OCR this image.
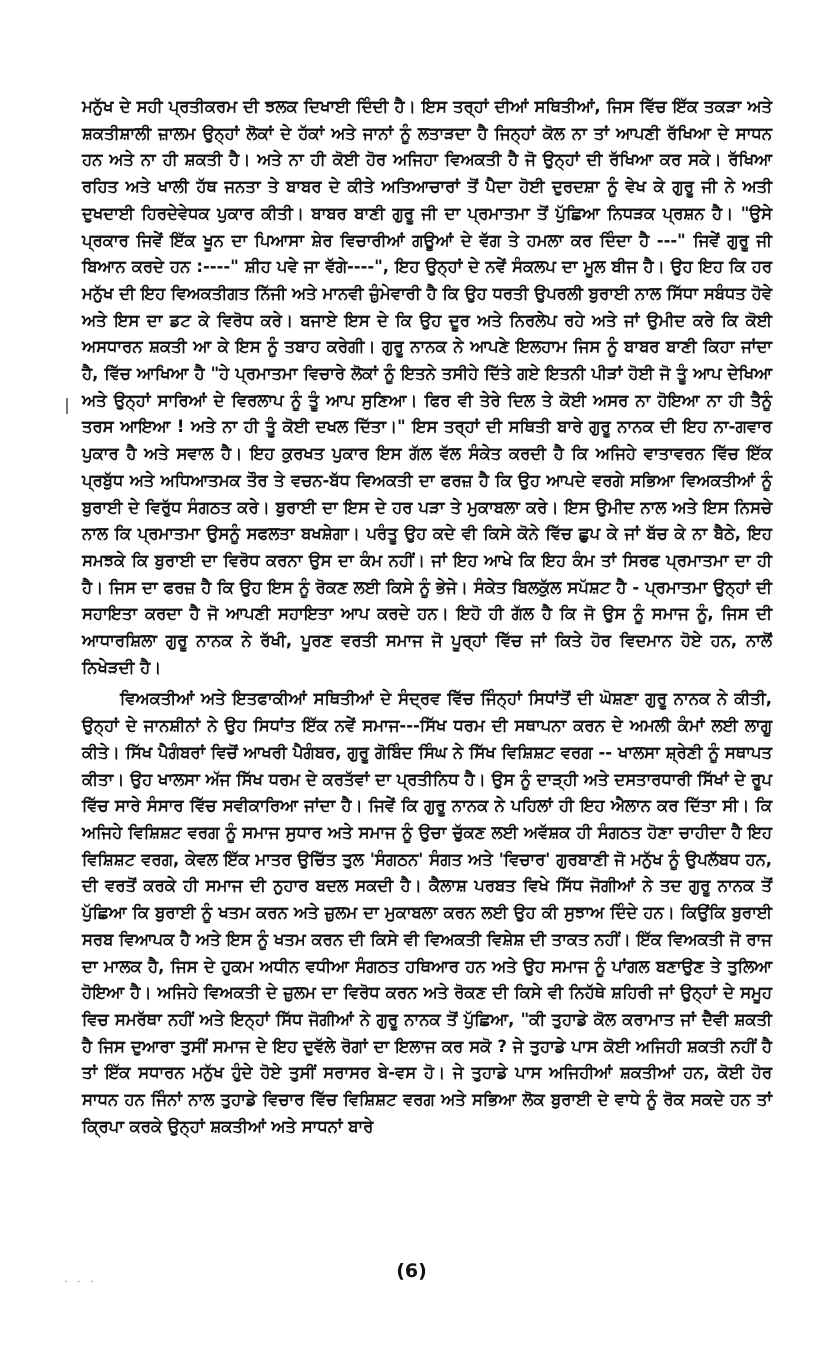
ਮਨੁੱਖ ਦੇ ਸਹੀ ਪ੍ਰਤੀਕਰਮ ਦੀ ਝਲਕ ਦਿਖਾਈ ਦਿੰਦੀ ਹੈ। ਇਸ ਤਰ੍ਹਾਂ ਦੀਆਂ ਸਥਿਤੀਆਂ, ਜਿਸ ਵਿੱਚ ਇੱਕ ਤਕੜਾ ਅਤੇ ਸ਼ਕਤੀਸ਼ਾਲੀ ਜ਼ਾਲਮ ਉਨ੍ਹਾਂ ਲੋਕਾਂ ਦੇ ਹੱਕਾਂ ਅਤੇ ਜਾਨਾਂ ਨੂੰ ਲਤਾੜਦਾ ਹੈ ਜਿਨ੍ਹਾਂ ਕੋਲ ਨਾ ਤਾਂ ਆਪਣੀ ਰੱਖਿਆ ਦੇ ਸਾਧਨ ਹਨ ਅਤੇ ਨਾ ਹੀ ਸ਼ਕਤੀ ਹੈ। ਅਤੇ ਨਾ ਹੀ ਕੋਈ ਹੋਰ ਅਜਿਹਾ ਵਿਅਕਤੀ ਹੈ ਜੋ ਉਨ੍ਹਾਂ ਦੀ ਰੱਖਿਆ ਕਰ ਸਕੇ। ਰੱਖਿਆ ਰਹਿਤ ਅਤੇ ਖਾਲੀ ਹੱਥ ਜਨਤਾ ਤੇ ਬਾਬਰ ਦੇ ਕੀਤੇ ਅਤਿਆਚਾਰਾਂ ਤੋਂ ਪੈਦਾ ਹੋਈ ਦੁਰਦਸ਼ਾ ਨੂੰ ਵੇਖ ਕੇ ਗੁਰੂ ਜੀ ਨੇ ਅਤੀ ਦੁਖਦਾਈ ਹਿਰਦੇਵੇਧਕ ਪੁਕਾਰ ਕੀਤੀ। ਬਾਬਰ ਬਾਣੀ ਗੁਰੂ ਜੀ ਦਾ ਪ੍ਰਮਾਤਮਾ ਤੋਂ ਪੁੱਛਿਆ ਨਿਧੜਕ ਪ੍ਰਸ਼ਨ ਹੈ। "ਉਸੇ ਪ੍ਰਕਾਰ ਜਿਵੇਂ ਇੱਕ ਖੂਨ ਦਾ ਪਿਆਸਾ ਸ਼ੇਰ ਵਿਚਾਰੀਆਂ ਗਊਆਂ ਦੇ ਵੱਗ ਤੇ ਹਮਲਾ ਕਰ ਦਿੰਦਾ ਹੈ ---" ਜਿਵੇਂ ਗੁਰੂ ਜੀ ਬਿਆਨ ਕਰਦੇ ਹਨ :----" ਸ਼ੀਹ ਪਵੇ ਜਾ ਵੱਗੇ----", ਇਹ ਉਨ੍ਹਾਂ ਦੇ ਨਵੇਂ ਸੰਕਲਪ ਦਾ ਮੂਲ ਬੀਜ ਹੈ। ਉਹ ਇਹ ਕਿ ਹਰ ਮਨੁੱਖ ਦੀ ਇਹ ਵਿਅਕਤੀਗਤ ਨਿੱਜੀ ਅਤੇ ਮਾਨਵੀ ਜ਼ੁੰਮੇਵਾਰੀ ਹੈ ਕਿ ਉਹ ਧਰਤੀ ਉਪਰਲੀ ਬੁਰਾਈ ਨਾਲ ਸਿੱਧਾ ਸਬੰਧਤ ਹੋਵੇ ਅਤੇ ਇਸ ਦਾ ਡਟ ਕੇ ਵਿਰੋਧ ਕਰੇ। ਬਜਾਏ ਇਸ ਦੇ ਕਿ ਉਹ ਦੂਰ ਅਤੇ ਨਿਰਲੇਪ ਰਹੇ ਅਤੇ ਜਾਂ ਉਮੀਦ ਕਰੇ ਕਿ ਕੋਈ ਅਸਧਾਰਨ ਸ਼ਕਤੀ ਆ ਕੇ ਇਸ ਨੂੰ ਤਬਾਹ ਕਰੇਗੀ। ਗੁਰੂ ਨਾਨਕ ਨੇ ਆਪਣੇ ਇਲਹਾਮ ਜਿਸ ਨੂੰ ਬਾਬਰ ਬਾਣੀ ਕਿਹਾ ਜਾਂਦਾ ਹੈ, ਵਿੱਚ ਆਖਿਆ ਹੈ "ਹੇ ਪ੍ਰਮਾਤਮਾ ਵਿਚਾਰੇ ਲੋਕਾਂ ਨੂੰ ਇਤਨੇ ਤਸੀਹੇ ਦਿੱਤੇ ਗਏ ਇਤਨੀ ਪੀੜਾਂ ਹੋਈ ਜੋ ਤੂੰ ਆਪ ਦੇਖਿਆ ਅਤੇ ਉਨ੍ਹਾਂ ਸਾਰਿਆਂ ਦੇ ਵਿਰਲਾਪ ਨੂੰ ਤੂੰ ਆਪ ਸੁਣਿਆ। ਫਿਰ ਵੀ ਤੇਰੇ ਦਿਲ ਤੇ ਕੋਈ ਅਸਰ ਨਾ ਹੋਇਆ ਨਾ ਹੀ ਤੈਨੂੰ ਤਰਸ ਆਇਆ ! ਅਤੇ ਨਾ ਹੀ ਤੂੰ ਕੋਈ ਦਖਲ ਦਿੱਤਾ।" ਇਸ ਤਰ੍ਹਾਂ ਦੀ ਸਥਿਤੀ ਬਾਰੇ ਗੁਰੂ ਨਾਨਕ ਦੀ ਇਹ ਨਾ-ਗਵਾਰ ਪੁਕਾਰ ਹੈ ਅਤੇ ਸਵਾਲ ਹੈ। ਇਹ ਕੁਰਖਤ ਪੁਕਾਰ ਇਸ ਗੱਲ ਵੱਲ ਸੰਕੇਤ ਕਰਦੀ ਹੈ ਕਿ ਅਜਿਹੇ ਵਾਤਾਵਰਨ ਵਿੱਚ ਇੱਕ ਪ੍ਰਬੁੱਧ ਅਤੇ ਅਧਿਆਤਮਕ ਤੌਰ ਤੇ ਵਚਨ-ਬੱਧ ਵਿਅਕਤੀ ਦਾ ਫਰਜ਼ ਹੈ ਕਿ ਉਹ ਆਪਦੇ ਵਰਗੇ ਸਭਿਆ ਵਿਅਕਤੀਆਂ ਨੂੰ ਬੁਰਾਈ ਦੇ ਵਿਰੁੱਧ ਸੰਗਠਤ ਕਰੇ। ਬੁਰਾਈ ਦਾ ਇਸ ਦੇ ਹਰ ਪੜਾ ਤੇ ਮੁਕਾਬਲਾ ਕਰੇ। ਇਸ ਉਮੀਦ ਨਾਲ ਅਤੇ ਇਸ ਨਿਸਚੇ ਨਾਲ ਕਿ ਪ੍ਰਮਾਤਮਾ ਉਸਨੂੰ ਸਫਲਤਾ ਬਖਸ਼ੇਗਾ। ਪਰੰਤੂ ਉਹ ਕਦੇ ਵੀ ਕਿਸੇ ਕੋਨੇ ਵਿੱਚ ਛੁਪ ਕੇ ਜਾਂ ਬੱਚ ਕੇ ਨਾ ਬੈਠੇ, ਇਹ ਸਮਝਕੇ ਕਿ ਬੁਰਾਈ ਦਾ ਵਿਰੋਧ ਕਰਨਾ ਉਸ ਦਾ ਕੰਮ ਨਹੀਂ। ਜਾਂ ਇਹ ਆਖੇ ਕਿ ਇਹ ਕੰਮ ਤਾਂ ਸਿਰਫ ਪ੍ਰਮਾਤਮਾ ਦਾ ਹੀ ਹੈ। ਜਿਸ ਦਾ ਫਰਜ਼ ਹੈ ਕਿ ਉਹ ਇਸ ਨੂੰ ਰੋਕਣ ਲਈ ਕਿਸੇ ਨੂੰ ਭੇਜੇ। ਸੰਕੇਤ ਬਿਲਕੁੱਲ ਸਪੱਸ਼ਟ ਹੈ - ਪ੍ਰਮਾਤਮਾ ਉਨ੍ਹਾਂ ਦੀ ਸਹਾਇਤਾ ਕਰਦਾ ਹੈ ਜੋ ਆਪਣੀ ਸਹਾਇਤਾ ਆਪ ਕਰਦੇ ਹਨ। ਇਹੋ ਹੀ ਗੱਲ ਹੈ ਕਿ ਜੋ ਉਸ ਨੂੰ ਸਮਾਜ ਨੂੰ, ਜਿਸ ਦੀ ਆਧਾਰਸ਼ਿਲਾ ਗੁਰੂ ਨਾਨਕ ਨੇ ਰੱਖੀ, ਪੂਰਣ ਵਰਤੀ ਸਮਾਜ ਜੋ ਪੂਰ੍ਹਾਂ ਵਿੱਚ ਜਾਂ ਕਿਤੇ ਹੋਰ ਵਿਦਮਾਨ ਹੋਏ ਹਨ, ਨਾਲੋਂ ਨਿਖੇੜਦੀ ਹੈ।

ਵਿਅਕਤੀਆਂ ਅਤੇ ਇਤਫਾਕੀਆਂ ਸਥਿਤੀਆਂ ਦੇ ਸੰਦ੍ਰਵ ਵਿੱਚ ਜਿੰਨ੍ਹਾਂ ਸਿਧਾਂਤੋਂ ਦੀ ਘੋਸ਼ਣਾ ਗੁਰੂ ਨਾਨਕ ਨੇ ਕੀਤੀ, ਉਨ੍ਹਾਂ ਦੇ ਜਾਨਸ਼ੀਨਾਂ ਨੇ ਉਹ ਸਿਧਾਂਤ ਇੱਕ ਨਵੇਂ ਸਮਾਜ---ਸਿੱਖ ਧਰਮ ਦੀ ਸਥਾਪਨਾ ਕਰਨ ਦੇ ਅਮਲੀ ਕੰਮਾਂ ਲਈ ਲਾਗੂ ਕੀਤੇ। ਸਿੱਖ ਪੈਗੰਬਰਾਂ ਵਿਚੋਂ ਆਖਰੀ ਪੈਗੰਬਰ, ਗੁਰੂ ਗੋਬਿੰਦ ਸਿੰਘ ਨੇ ਸਿੱਖ ਵਿਸ਼ਿਸ਼ਟ ਵਰਗ -- ਖਾਲਸਾ ਸ਼੍ਰੇਣੀ ਨੂੰ ਸਥਾਪਤ ਕੀਤਾ। ਉਹ ਖਾਲਸਾ ਅੱਜ ਸਿੱਖ ਧਰਮ ਦੇ ਕਰਤੱਵਾਂ ਦਾ ਪ੍ਰਤੀਨਿਧ ਹੈ। ਉਸ ਨੂੰ ਦਾੜ੍ਹੀ ਅਤੇ ਦਸਤਾਰਧਾਰੀ ਸਿੱਖਾਂ ਦੇ ਰੂਪ ਵਿੱਚ ਸਾਰੇ ਸੰਸਾਰ ਵਿੱਚ ਸਵੀਕਾਰਿਆ ਜਾਂਦਾ ਹੈ। ਜਿਵੇਂ ਕਿ ਗੁਰੂ ਨਾਨਕ ਨੇ ਪਹਿਲਾਂ ਹੀ ਇਹ ਐਲਾਨ ਕਰ ਦਿੱਤਾ ਸੀ। ਕਿ ਅਜਿਹੇ ਵਿਸ਼ਿਸ਼ਟ ਵਰਗ ਨੂੰ ਸਮਾਜ ਸੁਧਾਰ ਅਤੇ ਸਮਾਜ ਨੂੰ ਉਚਾ ਚੁੱਕਣ ਲਈ ਅਵੱਸ਼ਕ ਹੀ ਸੰਗਠਤ ਹੋਣਾ ਚਾਹੀਦਾ ਹੈ ਇਹ ਵਿਸ਼ਿਸ਼ਟ ਵਰਗ, ਕੇਵਲ ਇੱਕ ਮਾਤਰ ਉਚਿੱਤ ਤੁਲ 'ਸੰਗਠਨ' ਸੰਗਤ ਅਤੇ 'ਵਿਚਾਰ' ਗੁਰਬਾਣੀ ਜੋ ਮਨੁੱਖ ਨੂੰ ਉਪਲੱਬਧ ਹਨ, ਦੀ ਵਰਤੋਂ ਕਰਕੇ ਹੀ ਸਮਾਜ ਦੀ ਨੁਹਾਰ ਬਦਲ ਸਕਦੀ ਹੈ। ਕੈਲਾਸ਼ ਪਰਬਤ ਵਿਖੇ ਸਿੱਧ ਜੋਗੀਆਂ ਨੇ ਤਦ ਗੁਰੂ ਨਾਨਕ ਤੋਂ ਪੁੱਛਿਆ ਕਿ ਬੁਰਾਈ ਨੂੰ ਖਤਮ ਕਰਨ ਅਤੇ ਜ਼ੁਲਮ ਦਾ ਮੁਕਾਬਲਾ ਕਰਨ ਲਈ ਉਹ ਕੀ ਸੁਝਾਅ ਦਿੰਦੇ ਹਨ। ਕਿਉਂਕਿ ਬੁਰਾਈ ਸਰਬ ਵਿਆਪਕ ਹੈ ਅਤੇ ਇਸ ਨੂੰ ਖਤਮ ਕਰਨ ਦੀ ਕਿਸੇ ਵੀ ਵਿਅਕਤੀ ਵਿਸ਼ੇਸ਼ ਦੀ ਤਾਕਤ ਨਹੀਂ। ਇੱਕ ਵਿਅਕਤੀ ਜੋ ਰਾਜ ਦਾ ਮਾਲਕ ਹੈ, ਜਿਸ ਦੇ ਹੁਕਮ ਅਧੀਨ ਵਧੀਆ ਸੰਗਠਤ ਹਥਿਆਰ ਹਨ ਅਤੇ ਉਹ ਸਮਾਜ ਨੂੰ ਪਾਂਗਲ ਬਣਾਉਣ ਤੇ ਤੁਲਿਆ ਹੋਇਆ ਹੈ। ਅਜਿਹੇ ਵਿਅਕਤੀ ਦੇ ਜ਼ੁਲਮ ਦਾ ਵਿਰੋਧ ਕਰਨ ਅਤੇ ਰੋਕਣ ਦੀ ਕਿਸੇ ਵੀ ਨਿਹੱਥੇ ਸ਼ਹਿਰੀ ਜਾਂ ਉਨ੍ਹਾਂ ਦੇ ਸਮੂਹ ਵਿਚ ਸਮਰੱਥਾ ਨਹੀਂ ਅਤੇ ਇਨ੍ਹਾਂ ਸਿੱਧ ਜੋਗੀਆਂ ਨੇ ਗੁਰੂ ਨਾਨਕ ਤੋਂ ਪੁੱਛਿਆ, "ਕੀ ਤੁਹਾਡੇ ਕੋਲ ਕਰਾਮਾਤ ਜਾਂ ਦੈਵੀ ਸ਼ਕਤੀ ਹੈ ਜਿਸ ਦੁਆਰਾ ਤੁਸੀਂ ਸਮਾਜ ਦੇ ਇਹ ਦੁਵੱਲੇ ਰੋਗਾਂ ਦਾ ਇਲਾਜ ਕਰ ਸਕੋ ? ਜੇ ਤੁਹਾਡੇ ਪਾਸ ਕੋਈ ਅਜਿਹੀ ਸ਼ਕਤੀ ਨਹੀਂ ਹੈ ਤਾਂ ਇੱਕ ਸਧਾਰਨ ਮਨੁੱਖ ਹੁੰਦੇ ਹੋਏ ਤੁਸੀਂ ਸਰਾਸਰ ਬੇ-ਵਸ ਹੋ। ਜੇ ਤੁਹਾਡੇ ਪਾਸ ਅਜਿਹੀਆਂ ਸ਼ਕਤੀਆਂ ਹਨ, ਕੋਈ ਹੋਰ ਸਾਧਨ ਹਨ ਜਿੰਨਾਂ ਨਾਲ ਤੁਹਾਡੇ ਵਿਚਾਰ ਵਿੱਚ ਵਿਸ਼ਿਸ਼ਟ ਵਰਗ ਅਤੇ ਸਭਿਆ ਲੋਕ ਬੁਰਾਈ ਦੇ ਵਾਧੇ ਨੂੰ ਰੋਕ ਸਕਦੇ ਹਨ ਤਾਂ ਕ੍ਰਿਪਾ ਕਰਕੇ ਉਨ੍ਹਾਂ ਸ਼ਕਤੀਆਂ ਅਤੇ ਸਾਧਨਾਂ ਬਾਰੇ

· · ·	(6)
